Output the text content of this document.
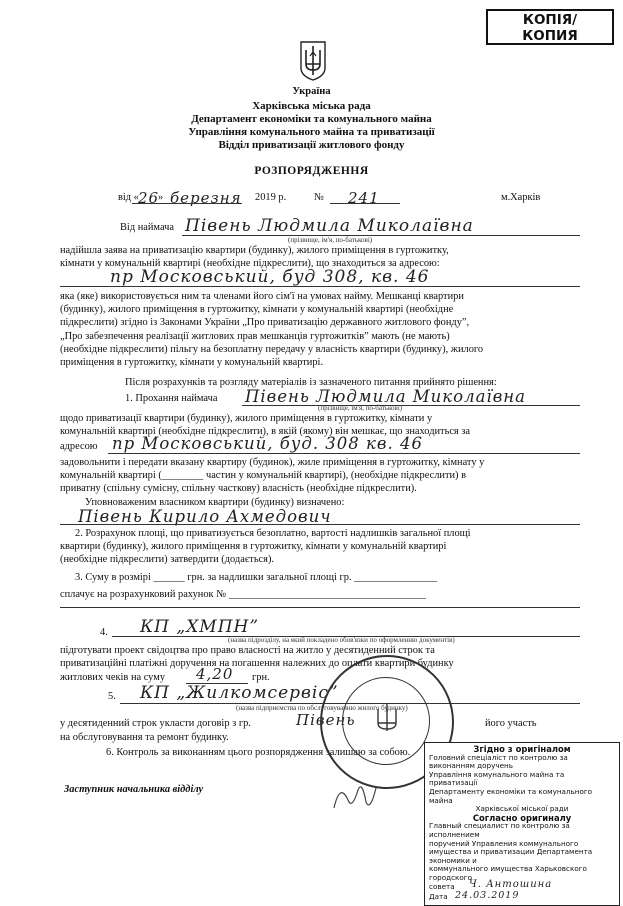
КОПІЯ/
КОПИЯ
Україна
Харківська міська рада
Департамент економіки та комунального майна
Управління комунального майна та приватизації
Відділ приватизації житлового фонду
РОЗПОРЯДЖЕННЯ
від « 26
» березня 2019 р.	№ 241	м.Харків
Від наймача Півень Людмила Миколаївна
(прізвище, ім'я, по-батькові)
надійшла заява на приватизацію квартири (будинку), жилого приміщення в гуртожитку,
кімнати у комунальній квартирі (необхідне підкреслити), що знаходиться за адресою:
пр Московський, буд 308, кв. 46
яка (яке) використовується ним та членами його сім'ї на умовах найму. Мешканці квартири
(будинку), жилого приміщення в гуртожитку, кімнати у комунальній квартирі (необхідне
підкреслити) згідно із Законами України „Про приватизацію державного житлового фонду”,
„Про забезпечення реалізації житлових прав мешканців гуртожитків” мають (не мають)
(необхідне підкреслити) пільгу на безоплатну передачу у власність квартири (будинку), жилого
приміщення в гуртожитку, кімнати у комунальній квартирі.
Після розрахунків та розгляду матеріалів із зазначеного питання прийнято рішення:
1. Прохання наймача Півень Людмила Миколаївна
(прізвище, ім'я, по-батькові)
щодо приватизації квартири (будинку), жилого приміщення в гуртожитку, кімнати у
комунальній квартирі (необхідне підкреслити), в якій (якому) він мешкає, що знаходиться за
адресою пр Московський, буд. 308 кв. 46
задовольнити і передати вказану квартиру (будинок), жиле приміщення в гуртожитку, кімнату у
комунальній квартирі (________ частин у комунальній квартирі), (необхідне підкреслити) в
приватну (спільну сумісну, спільну часткову) власність (необхідне підкреслити).
Уповноваженим власником квартири (будинку) визначено:
Півень Кирило Ахмедович
2. Розрахунок площі, що приватизується безоплатно, вартості надлишків загальної площі
квартири (будинку), жилого приміщення в гуртожитку, кімнати у комунальній квартирі
(необхідне підкреслити) затвердити (додається).
3. Суму в розмірі ______ грн. за надлишки загальної площі гр. ________________
сплачує на розрахунковий рахунок № ______________________________________
4. КП „ХМПН”
(назва підрозділу, на який покладено обов'язки по оформленню документів)
підготувати проект свідоцтва про право власності на житло у десятиденний строк та
приватизаційні платіжні доручення на погашення належних до оплати квартири будинку
житлових чеків на суму 4,20 грн.
5. КП „Жилкомсервіс”
(назва підприємства по обслуговуванню жилого будинку)
у десятиденний строк укласти договір з гр.	Півень	його участь
на обслуговування та ремонт будинку.
6. Контроль за виконанням цього розпорядження залишаю за собою.
Заступник начальника відділу
Згідно з оригіналом
Головний спеціаліст по контролю за виконанням доручень
Управління комунального майна та приватизації
Департаменту економіки та комунального майна
Харківської міської ради
Согласно оригиналу
Главный специалист по контролю за исполнением
поручений Управления коммунального
имущества и приватизации Департамента экономики и
коммунального имущества Харьковского городского
совета Ч. Антошина
Дата 24.03.2019
